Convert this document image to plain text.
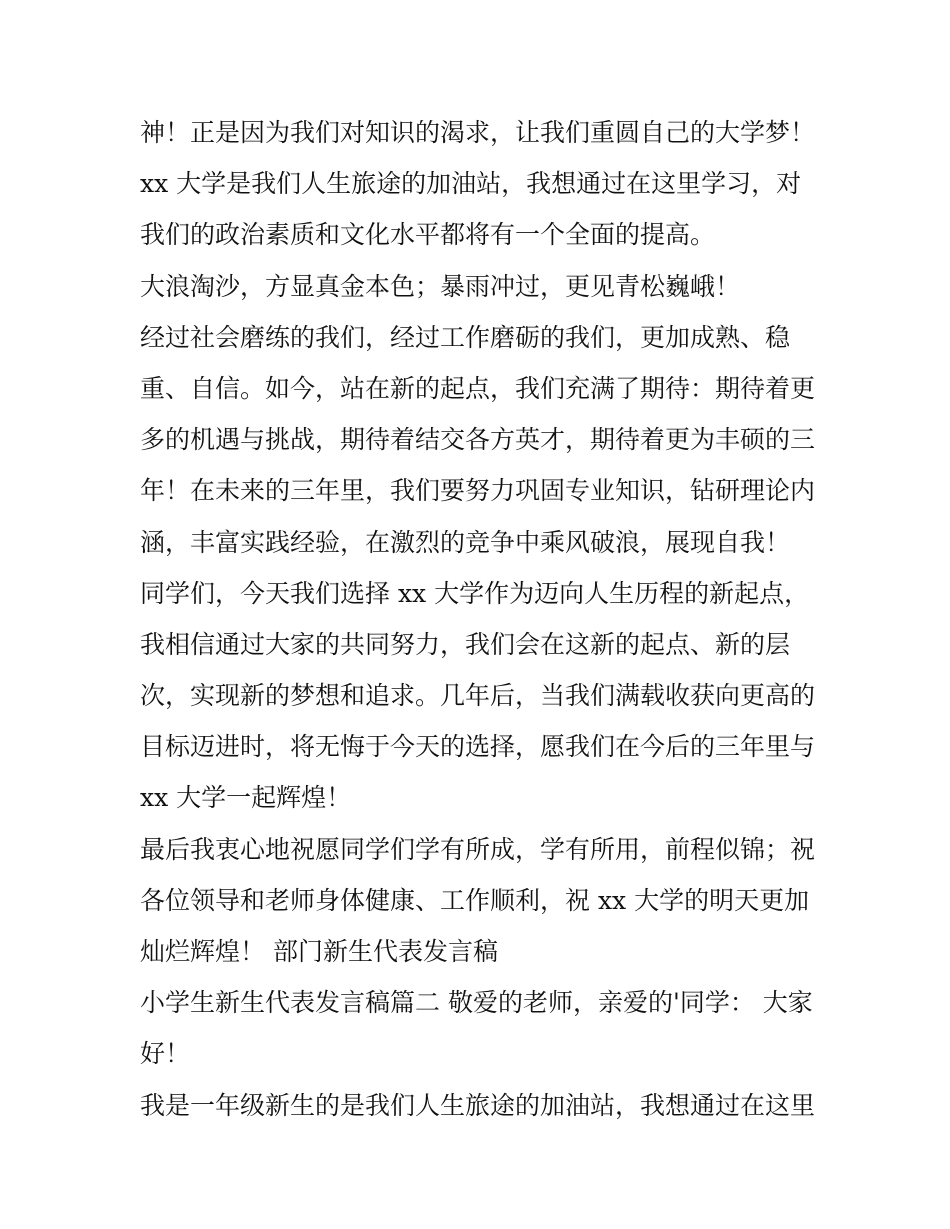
神！正是因为我们对知识的渴求，让我们重圆自己的大学梦！
xx 大学是我们人生旅途的加油站，我想通过在这里学习，对
我们的政治素质和文化水平都将有一个全面的提高。
大浪淘沙，方显真金本色；暴雨冲过，更见青松巍峨！
经过社会磨练的我们，经过工作磨砺的我们，更加成熟、稳
重、自信。如今，站在新的起点，我们充满了期待：期待着更
多的机遇与挑战，期待着结交各方英才，期待着更为丰硕的三
年！在未来的三年里，我们要努力巩固专业知识，钻研理论内
涵，丰富实践经验，在激烈的竞争中乘风破浪，展现自我！
同学们，今天我们选择 xx 大学作为迈向人生历程的新起点，
我相信通过大家的共同努力，我们会在这新的起点、新的层
次，实现新的梦想和追求。几年后，当我们满载收获向更高的
目标迈进时，将无悔于今天的选择，愿我们在今后的三年里与
xx 大学一起辉煌！
最后我衷心地祝愿同学们学有所成，学有所用，前程似锦；祝
各位领导和老师身体健康、工作顺利，祝 xx 大学的明天更加
灿烂辉煌！ 部门新生代表发言稿
小学生新生代表发言稿篇二 敬爱的老师，亲爱的'同学： 大家
好！
我是一年级新生的是我们人生旅途的加油站，我想通过在这里
